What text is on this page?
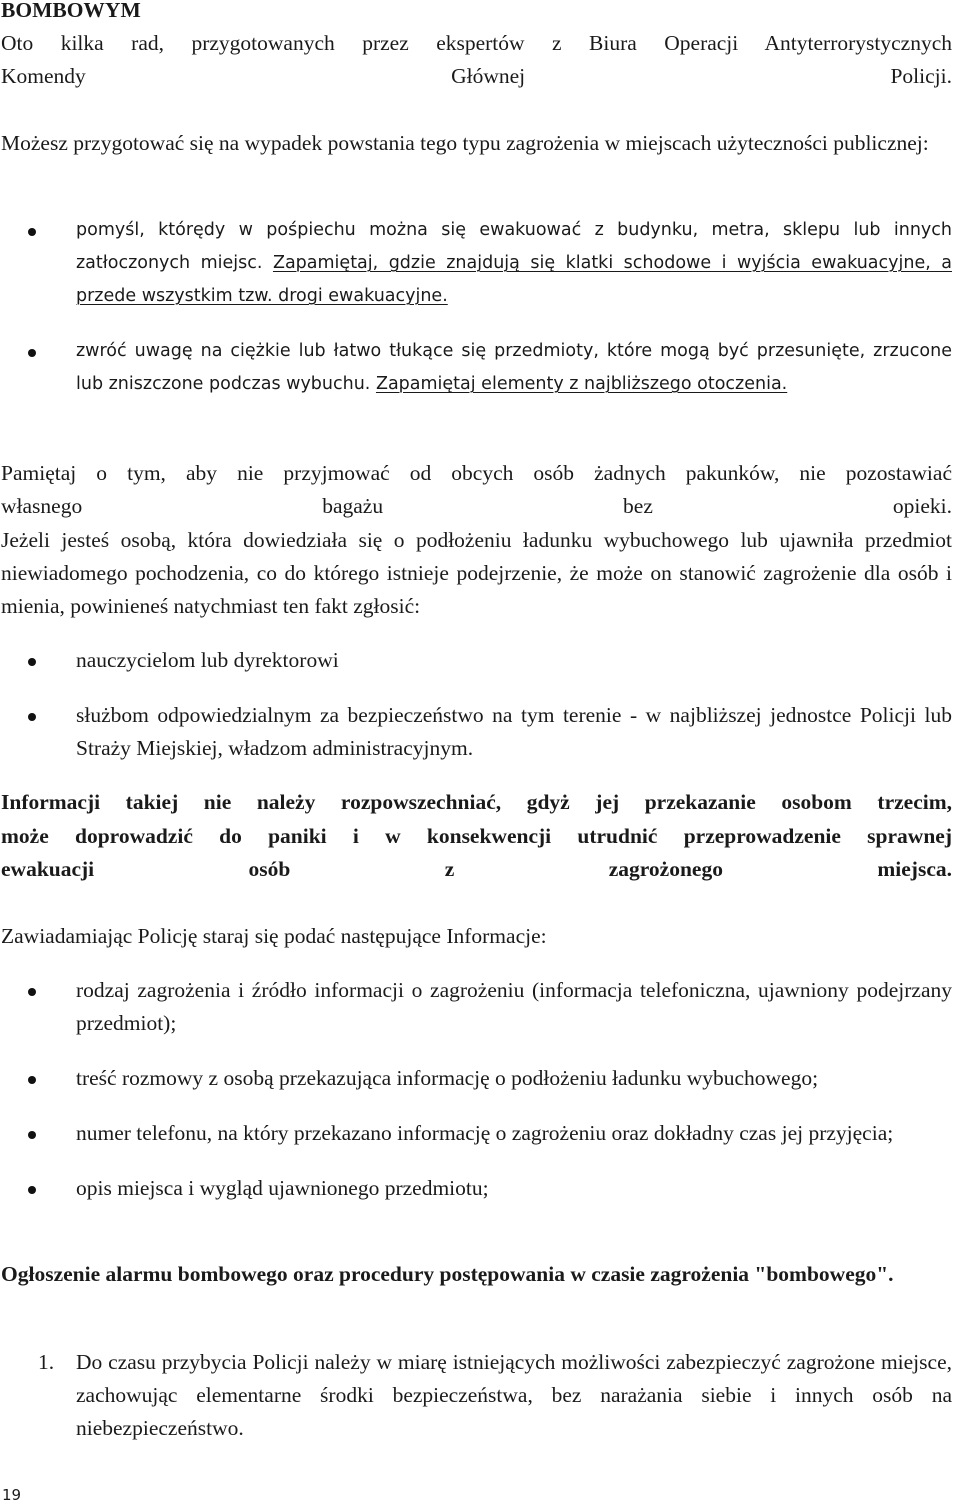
BOMBOWYM

Oto kilka rad, przygotowanych przez ekspertów z Biura Operacji Antyterrorystycznych

Komendy Głównej Policji.

Możesz przygotować się na wypadek powstania tego typu zagrożenia w miejscach użyteczności publicznej:

pomyśl, którędy w pośpiechu można się ewakuować z budynku, metra, sklepu lub innych zatłoczonych miejsc. Zapamiętaj, gdzie znajdują się klatki schodowe i wyjścia ewakuacyjne, a przede wszystkim tzw. drogi ewakuacyjne.
zwróć uwagę na ciężkie lub łatwo tłukące się przedmioty, które mogą być przesunięte, zrzucone lub zniszczone podczas wybuchu. Zapamiętaj elementy z najbliższego otoczenia.

Pamiętaj o tym, aby nie przyjmować od obcych osób żadnych pakunków, nie pozostawiać

własnego bagażu bez opieki.

Jeżeli jesteś osobą, która dowiedziała się o podłożeniu ładunku wybuchowego lub ujawniła przedmiot niewiadomego pochodzenia, co do którego istnieje podejrzenie, że może on stanowić zagrożenie dla osób i mienia, powinieneś natychmiast ten fakt zgłosić:

nauczycielom lub dyrektorowi
służbom odpowiedzialnym za bezpieczeństwo na tym terenie - w najbliższej jednostce Policji lub Straży Miejskiej, władzom administracyjnym.

Informacji takiej nie należy rozpowszechniać, gdyż jej przekazanie osobom trzecim,

może doprowadzić do paniki i w konsekwencji utrudnić przeprowadzenie sprawnej

ewakuacji osób z zagrożonego miejsca.

Zawiadamiając Policję staraj się podać następujące Informacje:

rodzaj zagrożenia i źródło informacji o zagrożeniu (informacja telefoniczna, ujawniony podejrzany przedmiot);
treść rozmowy z osobą przekazująca informację o podłożeniu ładunku wybuchowego;
numer telefonu, na który przekazano informację o zagrożeniu oraz dokładny czas jej przyjęcia;
opis miejsca i wygląd ujawnionego przedmiotu;

Ogłoszenie alarmu bombowego oraz procedury postępowania w czasie zagrożenia "bombowego".

1. Do czasu przybycia Policji należy w miarę istniejących możliwości zabezpieczyć zagrożone miejsce, zachowując elementarne środki bezpieczeństwa, bez narażania siebie i innych osób na niebezpieczeństwo.
19
